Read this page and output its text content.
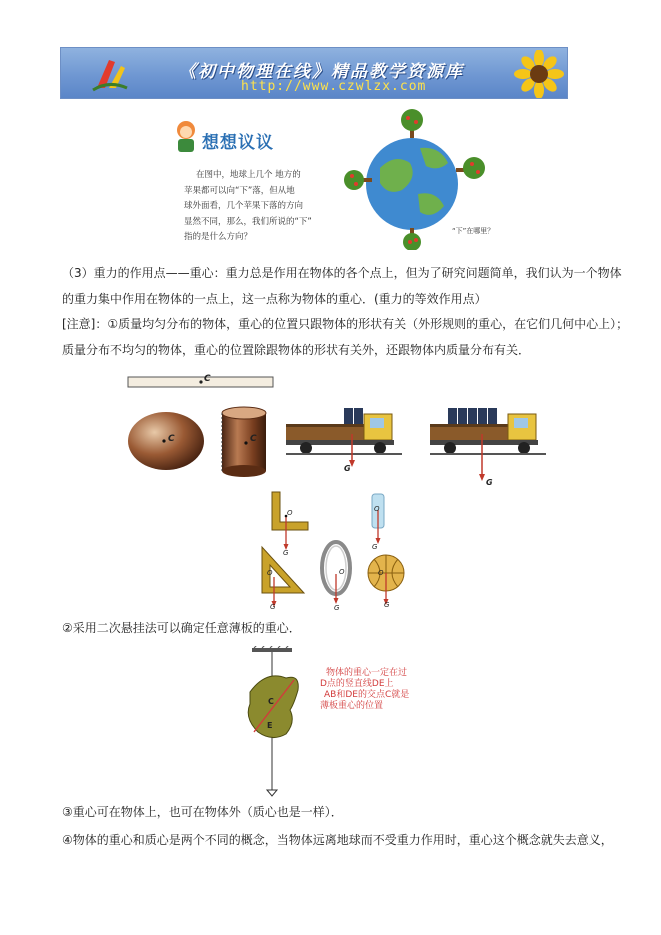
《初中物理在线》精品教学资源库
http://www.czwlzx.com
想想议议
在图中，地球上几个 地方的
苹果都可以向“下”落，但从地
球外面看，几个苹果下落的方向
显然不同，那么，我们所说的“下”
指的是什么方向？
“下”在哪里？
（3）重力的作用点——重心：重力总是作用在物体的各个点上，但为了研究问题简单，我们认为一个物体
的重力集中作用在物体的一点上，这一点称为物体的重心．(重力的等效作用点）
[注意]：①质量均匀分布的物体，重心的位置只跟物体的形状有关（外形规则的重心，在它们几何中心上）；
质量分布不均匀的物体，重心的位置除跟物体的形状有关外，还跟物体内质量分布有关．
C
C	C
G
G
O
G
O
G
O
G
O
G
O
G
②采用二次悬挂法可以确定任意薄板的重心．
C
E
物体的重心一定在过
D点的竖直线DE上
AB和DE的交点C就是
薄板重心的位置
③重心可在物体上，也可在物体外（质心也是一样）．
④物体的重心和质心是两个不同的概念，当物体远离地球而不受重力作用时，重心这个概念就失去意义，
